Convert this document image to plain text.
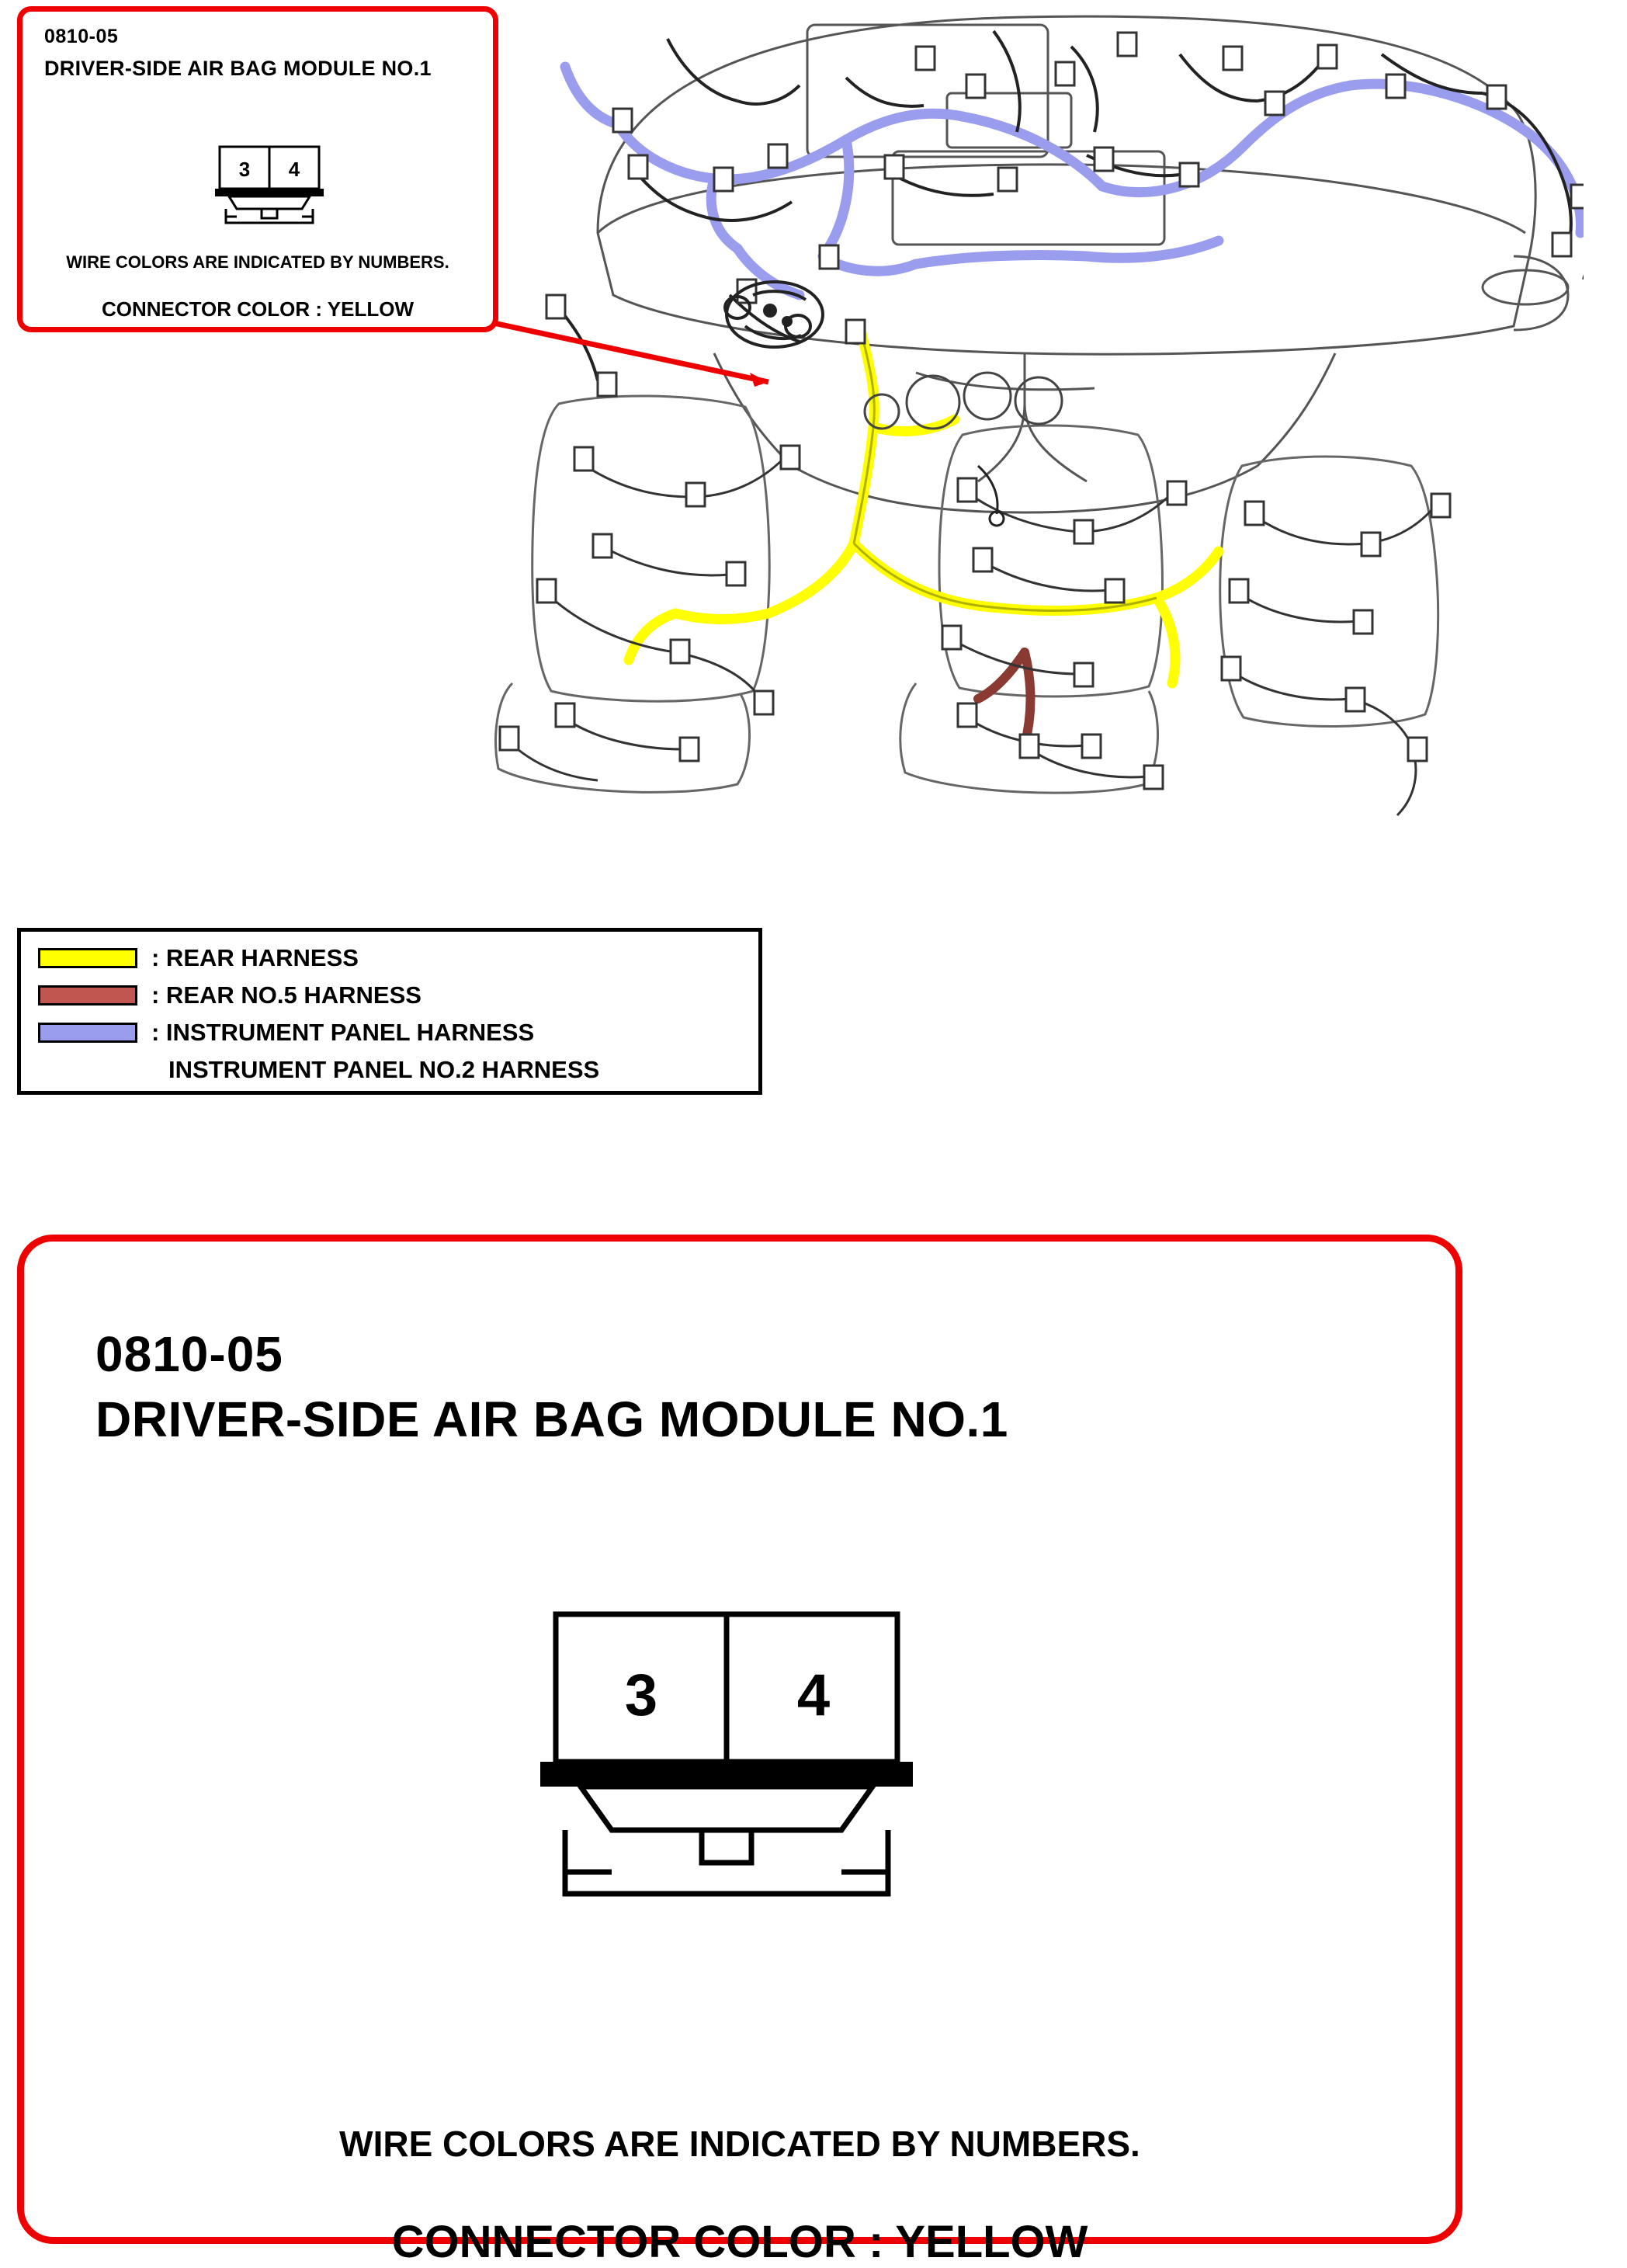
0810-05
DRIVER-SIDE AIR BAG MODULE NO.1
3 4
WIRE COLORS ARE INDICATED BY NUMBERS.
CONNECTOR COLOR : YELLOW
: REAR HARNESS
: REAR NO.5 HARNESS
: INSTRUMENT PANEL HARNESS
INSTRUMENT PANEL NO.2 HARNESS
0810-05
DRIVER-SIDE AIR BAG MODULE NO.1
3 4
WIRE COLORS ARE INDICATED BY NUMBERS.
CONNECTOR COLOR : YELLOW
